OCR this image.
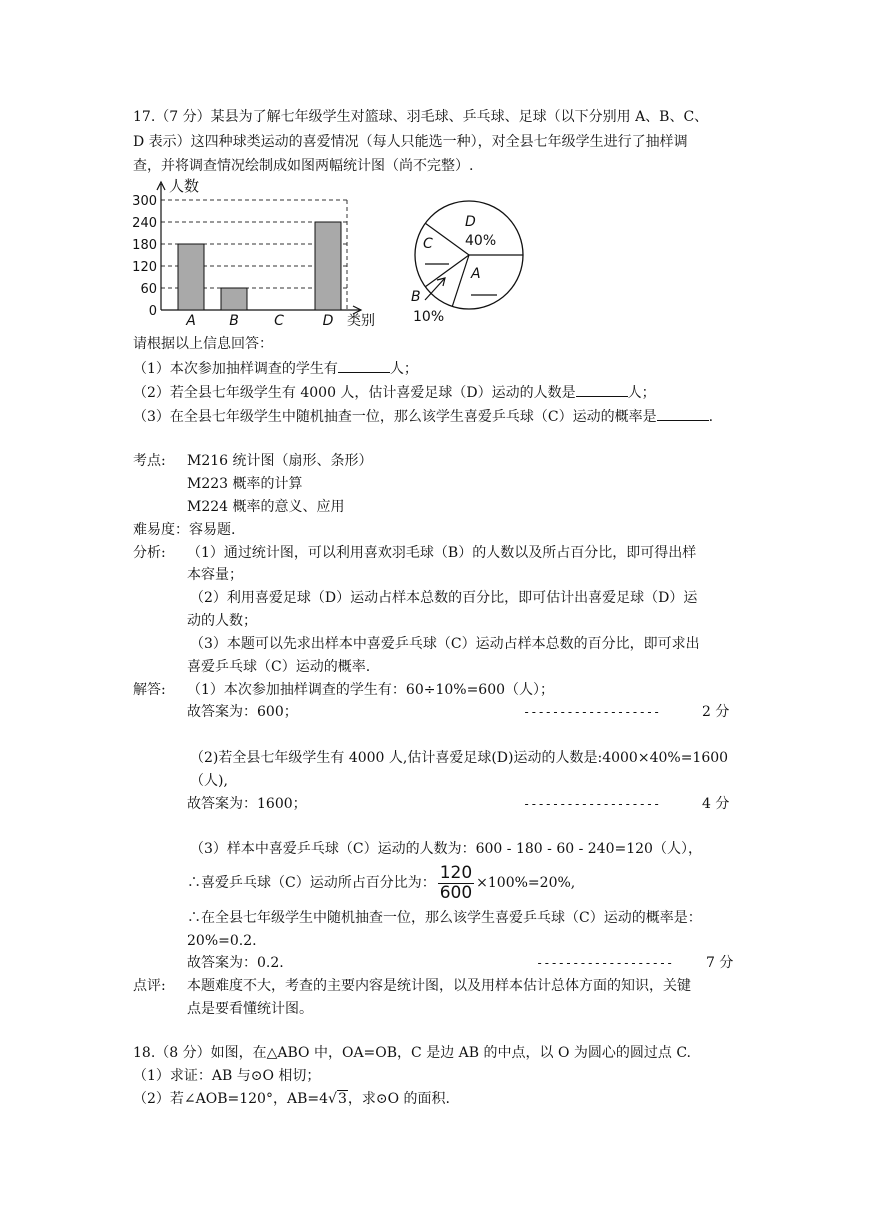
17.（7 分）某县为了解七年级学生对篮球、羽毛球、乒乓球、足球（以下分别用 A、B、C、
D 表示）这四种球类运动的喜爱情况（每人只能选一种），对全县七年级学生进行了抽样调
查，并将调查情况绘制成如图两幅统计图（尚不完整）.
0
60
120
180
240
300
人数
类别
A B	C	D
D
40%
C
A
B
10%
请根据以上信息回答：
（1）本次参加抽样调查的学生有	人；
（2）若全县七年级学生有 4000 人，估计喜爱足球（D）运动的人数是	人；
（3）在全县七年级学生中随机抽查一位，那么该学生喜爱乒乓球（C）运动的概率是	.
考点: M216 统计图（扇形、条形）
M223 概率的计算
M224 概率的意义、应用
难易度：容易题.
分析: （1）通过统计图，可以利用喜欢羽毛球（B）的人数以及所占百分比，即可得出样
本容量；
（2）利用喜爱足球（D）运动占样本总数的百分比，即可估计出喜爱足球（D）运
动的人数；
（3）本题可以先求出样本中喜爱乒乓球（C）运动占样本总数的百分比，即可求出
喜爱乒乓球（C）运动的概率.
解答: （1）本次参加抽样调查的学生有：60÷10%=600（人）；
故答案为：600；	-------------------	2 分
（2)若全县七年级学生有 4000 人,估计喜爱足球(D)运动的人数是:4000×40%=1600
（人),
故答案为：1600；	-------------------	4 分
（3）样本中喜爱乒乓球（C）运动的人数为：600 - 180 - 60 - 240=120（人），
∴喜爱乒乓球（C）运动所占百分比为： $\frac{120}{600} \times 100\%=20\%$,
∴在全县七年级学生中随机抽查一位，那么该学生喜爱乒乓球（C）运动的概率是：
20%=0.2.
故答案为：0.2.	------------------- 7 分
点评: 本题难度不大，考查的主要内容是统计图，以及用样本估计总体方面的知识，关键
点是要看懂统计图。
18.（8 分）如图，在△ABO 中，OA=OB，C 是边 AB 的中点，以 O 为圆心的圆过点 C.
（1）求证：AB 与⊙O 相切；
（2）若∠AOB=120°，AB=4√3，求⊙O 的面积.
